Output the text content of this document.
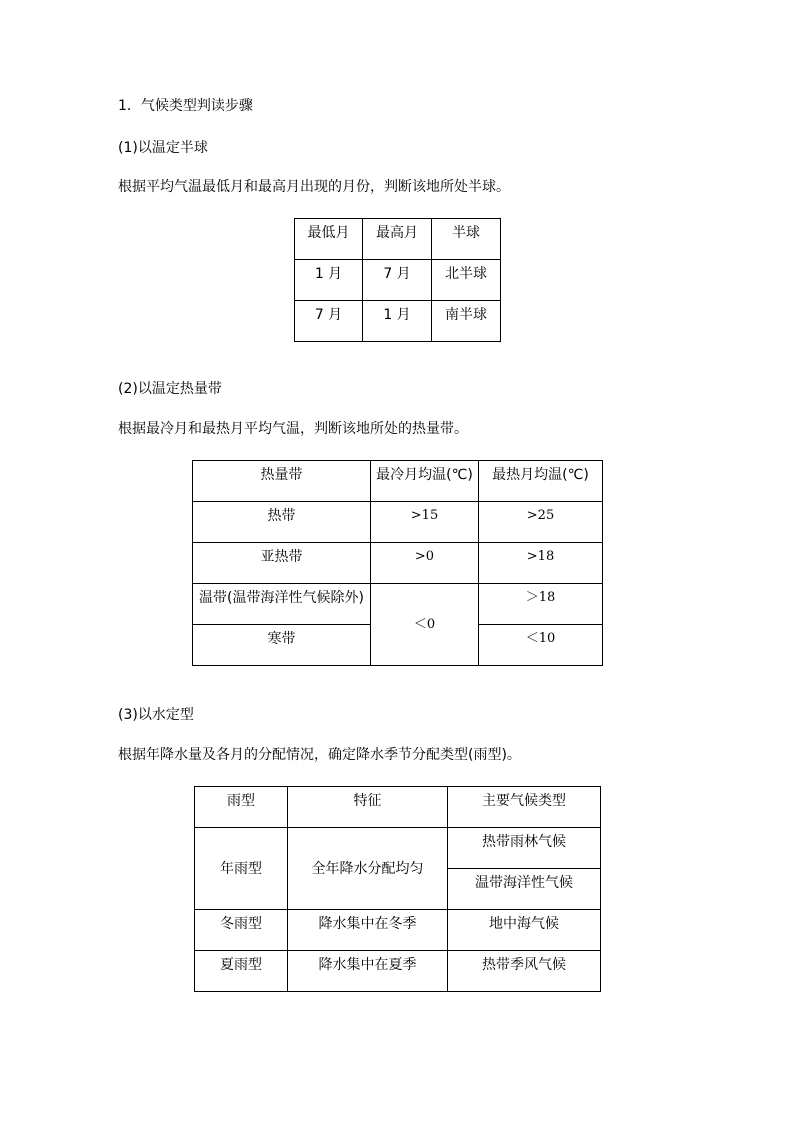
1．气候类型判读步骤
(1)以温定半球
根据平均气温最低月和最高月出现的月份，判断该地所处半球。
最低月	最高月	半球

1 月	7 月	北半球

7 月	1 月	南半球
(2)以温定热量带
根据最冷月和最热月平均气温，判断该地所处的热量带。
热量带	最冷月均温(℃)	最热月均温(℃)

热带	>15	>25

亚热带	>0	>18

温带(温带海洋性气候除外)	＜0	＞18

寒带		＜10
(3)以水定型
根据年降水量及各月的分配情况，确定降水季节分配类型(雨型)。
雨型	特征	主要气候类型

年雨型	全年降水分配均匀	热带雨林气候

		温带海洋性气候

冬雨型	降水集中在冬季	地中海气候

夏雨型	降水集中在夏季	热带季风气候
